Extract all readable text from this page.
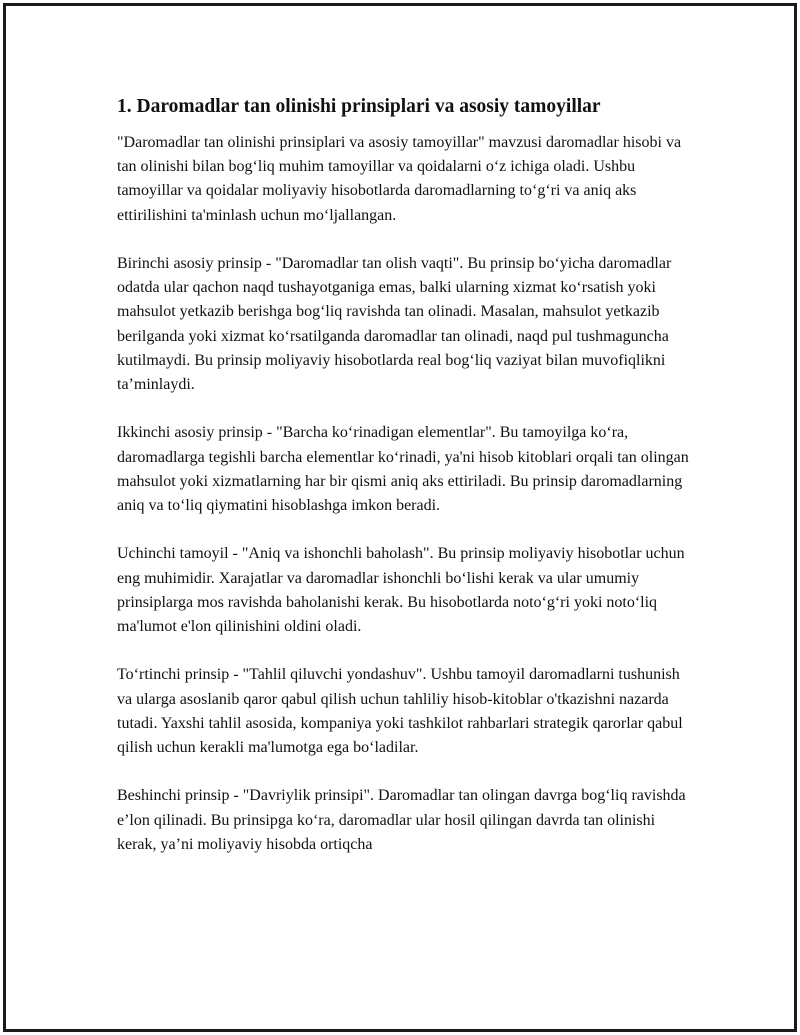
1. Daromadlar tan olinishi prinsiplari va asosiy tamoyillar

"Daromadlar tan olinishi prinsiplari va asosiy tamoyillar" mavzusi daromadlar hisobi va tan olinishi bilan bog‘liq muhim tamoyillar va qoidalarni o‘z ichiga oladi. Ushbu tamoyillar va qoidalar moliyaviy hisobotlarda daromadlarning to‘g‘ri va aniq aks ettirilishini ta'minlash uchun mo‘ljallangan.

Birinchi asosiy prinsip - "Daromadlar tan olish vaqti". Bu prinsip bo‘yicha daromadlar odatda ular qachon naqd tushayotganiga emas, balki ularning xizmat ko‘rsatish yoki mahsulot yetkazib berishga bog‘liq ravishda tan olinadi. Masalan, mahsulot yetkazib berilganda yoki xizmat ko‘rsatilganda daromadlar tan olinadi, naqd pul tushmaguncha kutilmaydi. Bu prinsip moliyaviy hisobotlarda real bog‘liq vaziyat bilan muvofiqlikni ta’minlaydi.

Ikkinchi asosiy prinsip - "Barcha ko‘rinadigan elementlar". Bu tamoyilga ko‘ra, daromadlarga tegishli barcha elementlar ko‘rinadi, ya'ni hisob kitoblari orqali tan olingan mahsulot yoki xizmatlarning har bir qismi aniq aks ettiriladi. Bu prinsip daromadlarning aniq va to‘liq qiymatini hisoblashga imkon beradi.

Uchinchi tamoyil - "Aniq va ishonchli baholash". Bu prinsip moliyaviy hisobotlar uchun eng muhimidir. Xarajatlar va daromadlar ishonchli bo‘lishi kerak va ular umumiy prinsiplarga mos ravishda baholanishi kerak. Bu hisobotlarda noto‘g‘ri yoki noto‘liq ma'lumot e'lon qilinishini oldini oladi.

To‘rtinchi prinsip - "Tahlil qiluvchi yondashuv". Ushbu tamoyil daromadlarni tushunish va ularga asoslanib qaror qabul qilish uchun tahliliy hisob-kitoblar o'tkazishni nazarda tutadi. Yaxshi tahlil asosida, kompaniya yoki tashkilot rahbarlari strategik qarorlar qabul qilish uchun kerakli ma'lumotga ega bo‘ladilar.

Beshinchi prinsip - "Davriylik prinsipi". Daromadlar tan olingan davrga bog‘liq ravishda e’lon qilinadi. Bu prinsipga ko‘ra, daromadlar ular hosil qilingan davrda tan olinishi kerak, ya’ni moliyaviy hisobda ortiqcha
